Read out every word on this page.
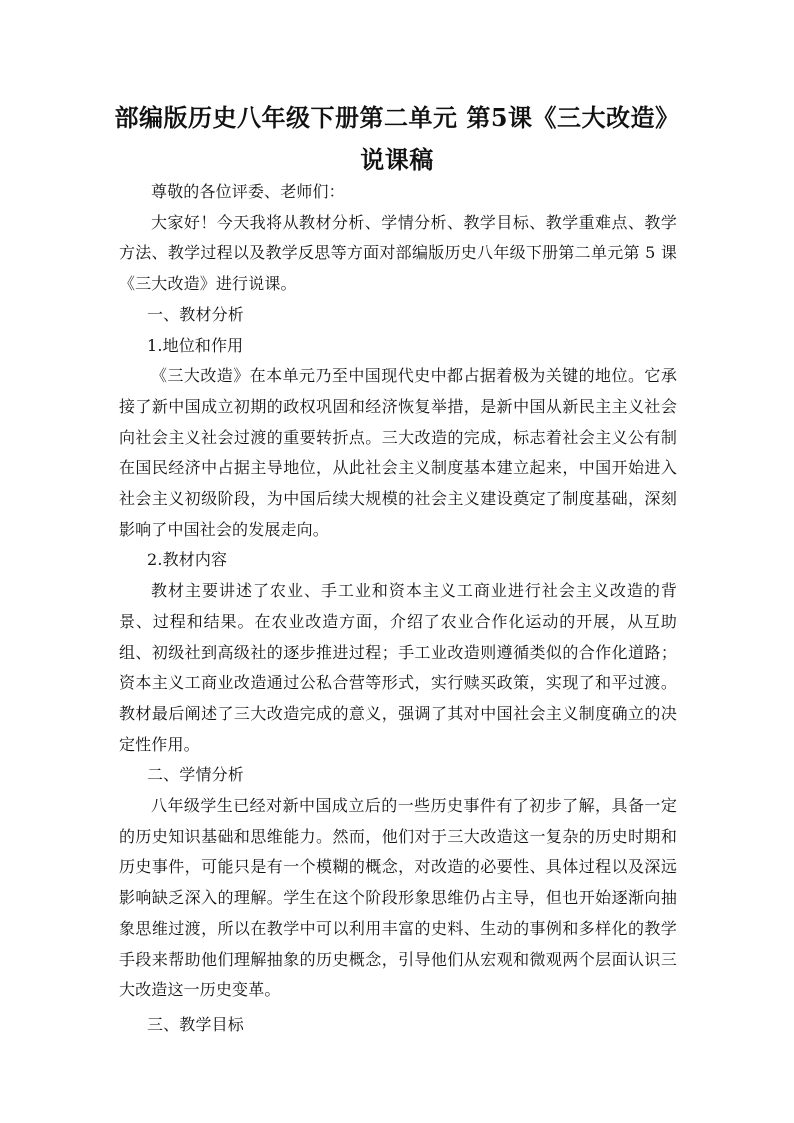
部编版历史八年级下册第二单元 第5课《三大改造》
说课稿

尊敬的各位评委、老师们：

大家好！今天我将从教材分析、学情分析、教学目标、教学重难点、教学方法、教学过程以及教学反思等方面对部编版历史八年级下册第二单元第 5 课《三大改造》进行说课。

一、教材分析

1.地位和作用

《三大改造》在本单元乃至中国现代史中都占据着极为关键的地位。它承接了新中国成立初期的政权巩固和经济恢复举措，是新中国从新民主主义社会向社会主义社会过渡的重要转折点。三大改造的完成，标志着社会主义公有制在国民经济中占据主导地位，从此社会主义制度基本建立起来，中国开始进入社会主义初级阶段，为中国后续大规模的社会主义建设奠定了制度基础，深刻影响了中国社会的发展走向。

2.教材内容

教材主要讲述了农业、手工业和资本主义工商业进行社会主义改造的背景、过程和结果。在农业改造方面，介绍了农业合作化运动的开展，从互助组、初级社到高级社的逐步推进过程；手工业改造则遵循类似的合作化道路；资本主义工商业改造通过公私合营等形式，实行赎买政策，实现了和平过渡。教材最后阐述了三大改造完成的意义，强调了其对中国社会主义制度确立的决定性作用。

二、学情分析

八年级学生已经对新中国成立后的一些历史事件有了初步了解，具备一定的历史知识基础和思维能力。然而，他们对于三大改造这一复杂的历史时期和历史事件，可能只是有一个模糊的概念，对改造的必要性、具体过程以及深远影响缺乏深入的理解。学生在这个阶段形象思维仍占主导，但也开始逐渐向抽象思维过渡，所以在教学中可以利用丰富的史料、生动的事例和多样化的教学手段来帮助他们理解抽象的历史概念，引导他们从宏观和微观两个层面认识三大改造这一历史变革。

三、教学目标
